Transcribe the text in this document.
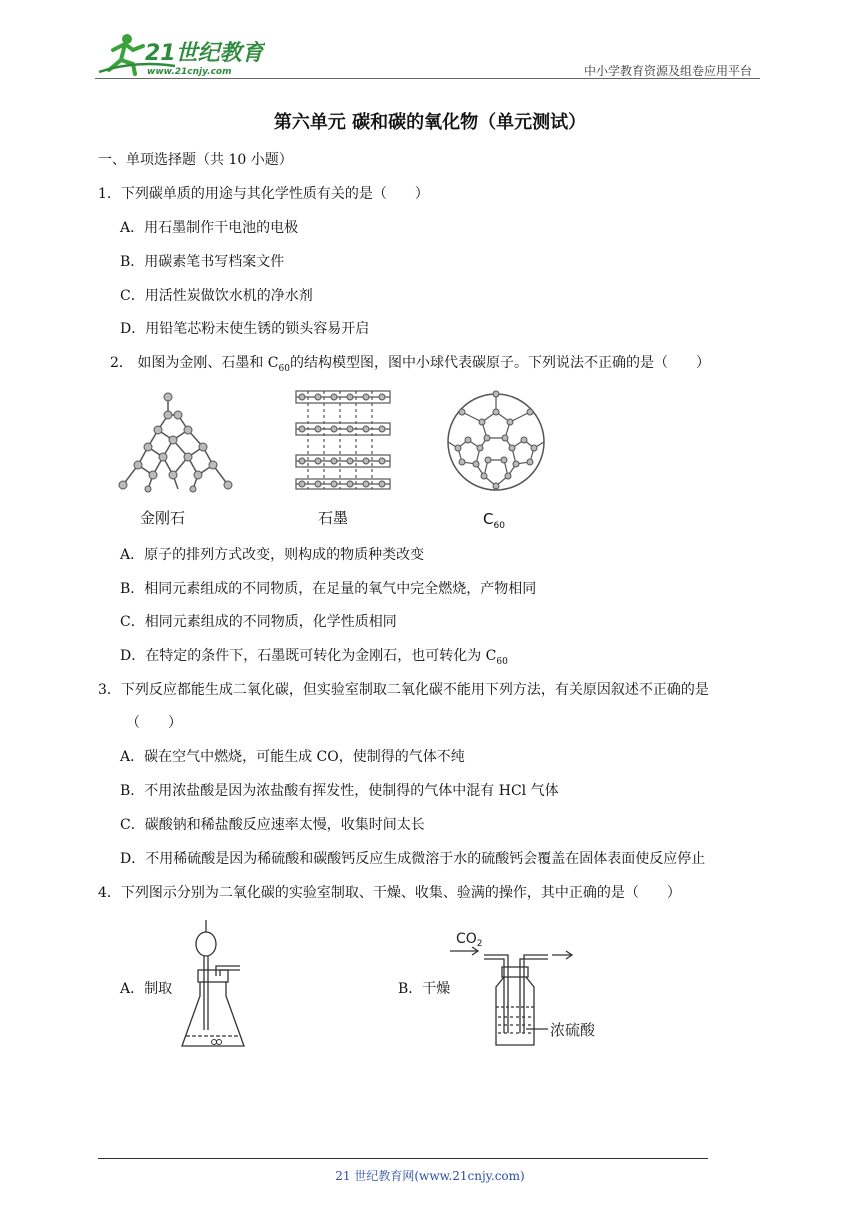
21世纪教育
www.21cnjy.com	中小学教育资源及组卷应用平台
第六单元 碳和碳的氧化物（单元测试）
一、单项选择题（共 10 小题）
1．下列碳单质的用途与其化学性质有关的是（　　）
A．用石墨制作干电池的电极
B．用碳素笔书写档案文件
C．用活性炭做饮水机的净水剂
D．用铅笔芯粉末使生锈的锁头容易开启
2． 如图为金刚、石墨和 $C_{60}$的结构模型图，图中小球代表碳原子。下列说法不正确的是（　　）
金刚石	石墨	$C_{60}$
A．原子的排列方式改变，则构成的物质种类改变
B．相同元素组成的不同物质，在足量的氧气中完全燃烧，产物相同
C．相同元素组成的不同物质，化学性质相同
D．在特定的条件下，石墨既可转化为金刚石，也可转化为 $C_{60}$
3．下列反应都能生成二氧化碳，但实验室制取二氧化碳不能用下列方法，有关原因叙述不正确的是
（　　）
A．碳在空气中燃烧，可能生成 CO，使制得的气体不纯
B．不用浓盐酸是因为浓盐酸有挥发性，使制得的气体中混有 HCl 气体
C．碳酸钠和稀盐酸反应速率太慢，收集时间太长
D．不用稀硫酸是因为稀硫酸和碳酸钙反应生成微溶于水的硫酸钙会覆盖在固体表面使反应停止
4．下列图示分别为二氧化碳的实验室制取、干燥、收集、验满的操作，其中正确的是（　　）
A．制取	B．干燥
$CO_2$
浓硫酸
21 世纪教育网(www.21cnjy.com)
